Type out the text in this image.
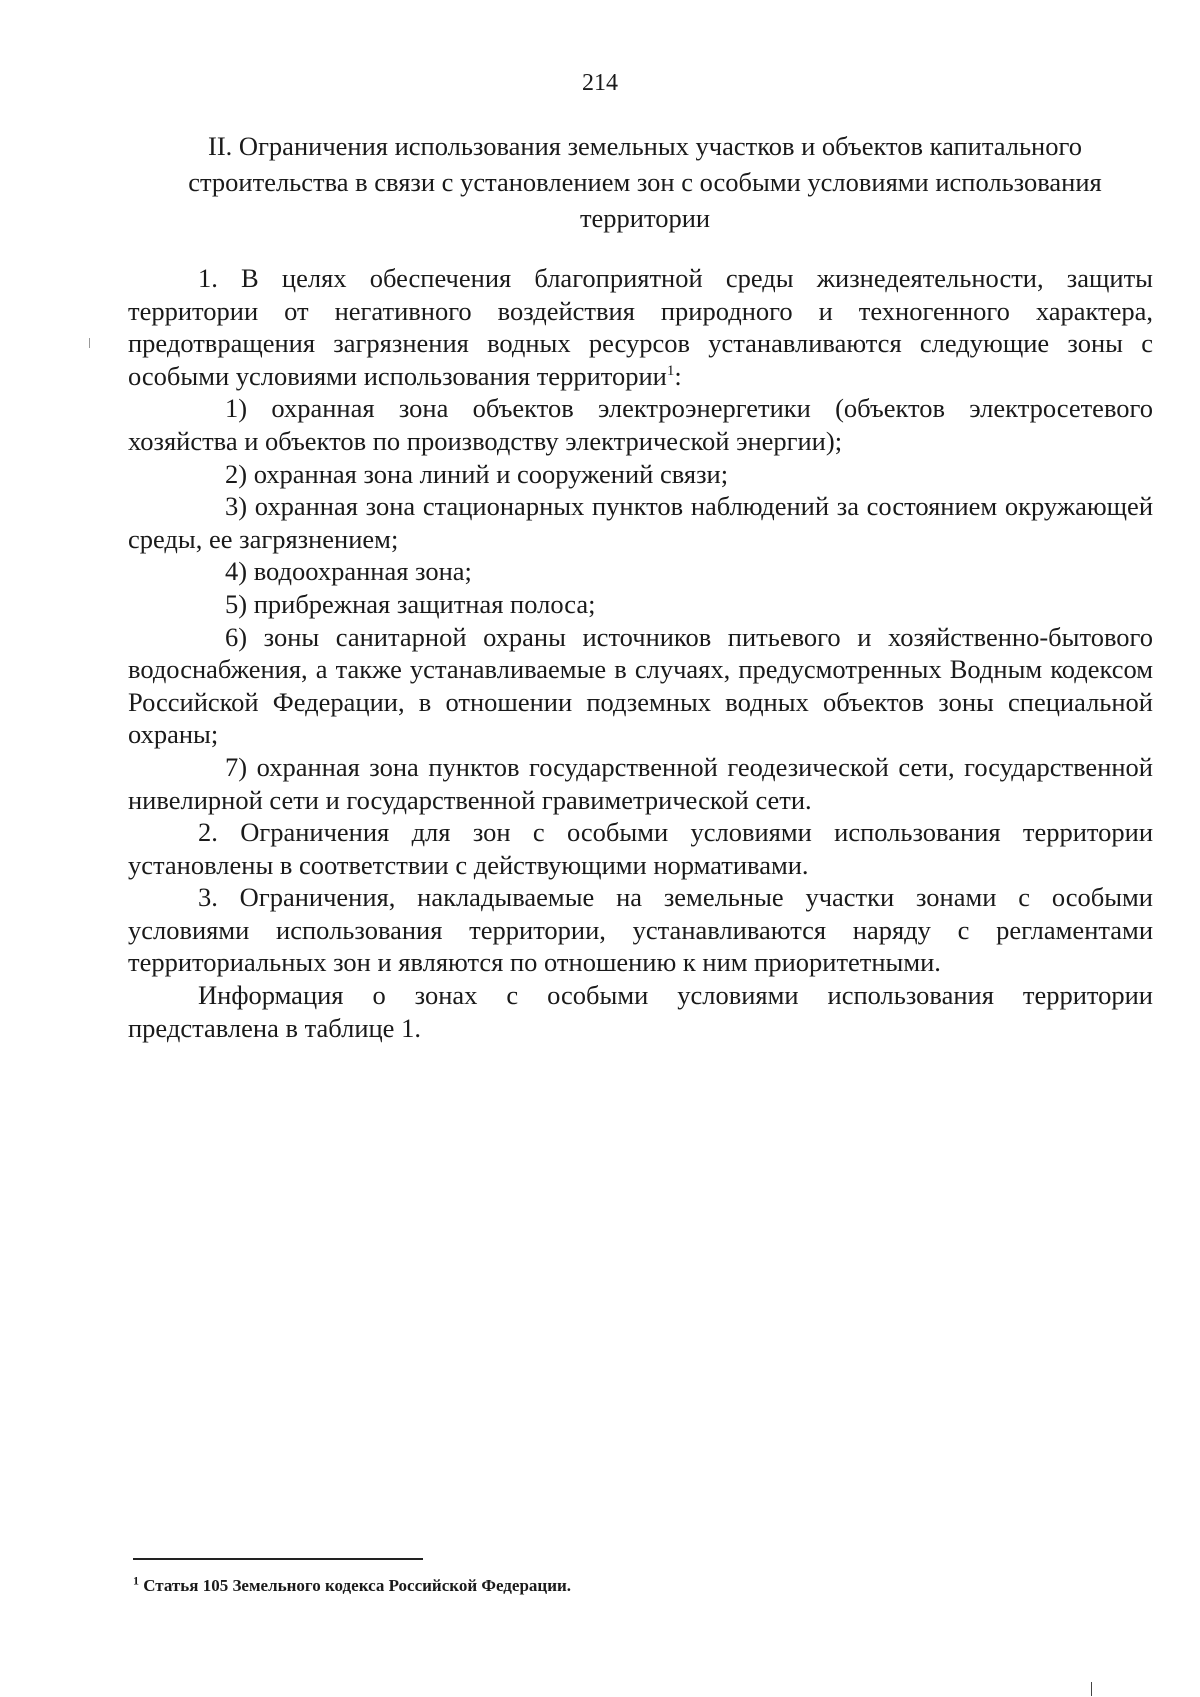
214
II. Ограничения использования земельных участков и объектов капитального строительства в связи с установлением зон с особыми условиями использования территории

1. В целях обеспечения благоприятной среды жизнедеятельности, защиты территории от негативного воздействия природного и техногенного характера, предотвращения загрязнения водных ресурсов устанавливаются следующие зоны с особыми условиями использования территории$^1$:

1) охранная зона объектов электроэнергетики (объектов электросетевого хозяйства и объектов по производству электрической энергии);

2) охранная зона линий и сооружений связи;

3) охранная зона стационарных пунктов наблюдений за состоянием окружающей среды, ее загрязнением;

4) водоохранная зона;

5) прибрежная защитная полоса;

6) зоны санитарной охраны источников питьевого и хозяйственно-бытового водоснабжения, а также устанавливаемые в случаях, предусмотренных Водным кодексом Российской Федерации, в отношении подземных водных объектов зоны специальной охраны;

7) охранная зона пунктов государственной геодезической сети, государственной нивелирной сети и государственной гравиметрической сети.

2. Ограничения для зон с особыми условиями использования территории установлены в соответствии с действующими нормативами.

3. Ограничения, накладываемые на земельные участки зонами с особыми условиями использования территории, устанавливаются наряду с регламентами территориальных зон и являются по отношению к ним приоритетными.

Информация о зонах с особыми условиями использования территории представлена в таблице 1.

$^1$ Статья 105 Земельного кодекса Российской Федерации.
